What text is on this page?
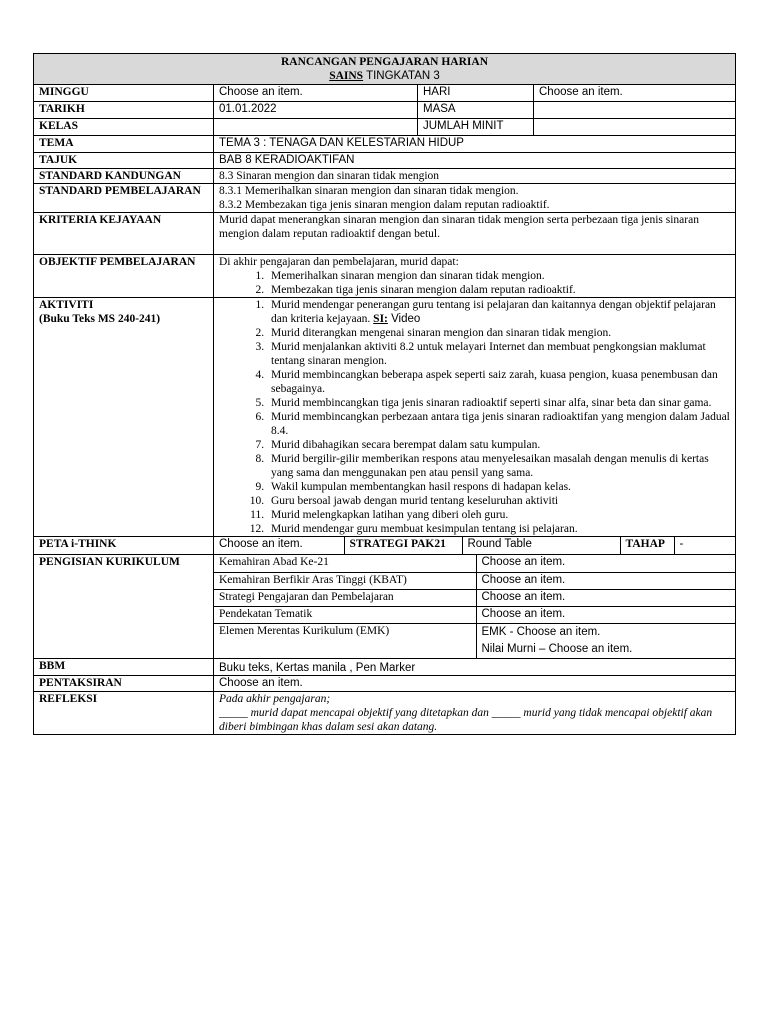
RANCANGAN PENGAJARAN HARIAN
SAINS TINGKATAN 3

MINGGU	Choose an item.	HARI	Choose an item.
TARIKH	01.01.2022	MASA	
KELAS		JUMLAH MINIT	
TEMA	TEMA 3 : TENAGA DAN KELESTARIAN HIDUP
TAJUK	BAB 8 KERADIOAKTIFAN
STANDARD KANDUNGAN	8.3 Sinaran mengion dan sinaran tidak mengion
STANDARD PEMBELAJARAN	8.3.1 Memerihalkan sinaran mengion dan sinaran tidak mengion.
8.3.2 Membezakan tiga jenis sinaran mengion dalam reputan radioaktif.

KRITERIA KEJAYAAN	Murid dapat menerangkan sinaran mengion dan sinaran tidak mengion serta perbezaan tiga jenis sinaran mengion dalam reputan radioaktif dengan betul.
OBJEKTIF PEMBELAJARAN	Di akhir pengajaran dan pembelajaran, murid dapat:
1. Memerihalkan sinaran mengion dan sinaran tidak mengion.
2. Membezakan tiga jenis sinaran mengion dalam reputan radioaktif.

AKTIVITI
(Buku Teks MS 240-241)

1. Murid mendengar penerangan guru tentang isi pelajaran dan kaitannya dengan objektif pelajaran dan kriteria kejayaan. SI: Video
2. Murid diterangkan mengenai sinaran mengion dan sinaran tidak mengion.
3. Murid menjalankan aktiviti 8.2 untuk melayari Internet dan membuat pengkongsian maklumat tentang sinaran mengion.
4. Murid membincangkan beberapa aspek seperti saiz zarah, kuasa pengion, kuasa penembusan dan sebagainya.
5. Murid membincangkan tiga jenis sinaran radioaktif seperti sinar alfa, sinar beta dan sinar gama.
6. Murid membincangkan perbezaan antara tiga jenis sinaran radioaktifan yang mengion dalam Jadual 8.4.
7. Murid dibahagikan secara berempat dalam satu kumpulan.
8. Murid bergilir-gilir memberikan respons atau menyelesaikan masalah dengan menulis di kertas yang sama dan menggunakan pen atau pensil yang sama.
9. Wakil kumpulan membentangkan hasil respons di hadapan kelas.
10. Guru bersoal jawab dengan murid tentang keseluruhan aktiviti
11. Murid melengkapkan latihan yang diberi oleh guru.
12. Murid mendengar guru membuat kesimpulan tentang isi pelajaran.

PETA i-THINK		Choose an item.	STRATEGI PAK21	Round Table	TAHAP	-

PENGISIAN KURIKULUM		Kemahiran Abad Ke-21	Choose an item.
Kemahiran Berfikir Aras Tinggi (KBAT)	Choose an item.
Strategi Pengajaran dan Pembelajaran	Choose an item.
Pendekatan Tematik	Choose an item.
Elemen Merentas Kurikulum (EMK)	EMK - Choose an item.
Nilai Murni – Choose an item.

BBM	Buku teks, Kertas manila , Pen Marker
PENTAKSIRAN	Choose an item.
REFLEKSI	Pada akhir pengajaran;
_____ murid dapat mencapai objektif yang ditetapkan dan _____ murid yang tidak mencapai objektif akan diberi bimbingan khas dalam sesi akan datang.
